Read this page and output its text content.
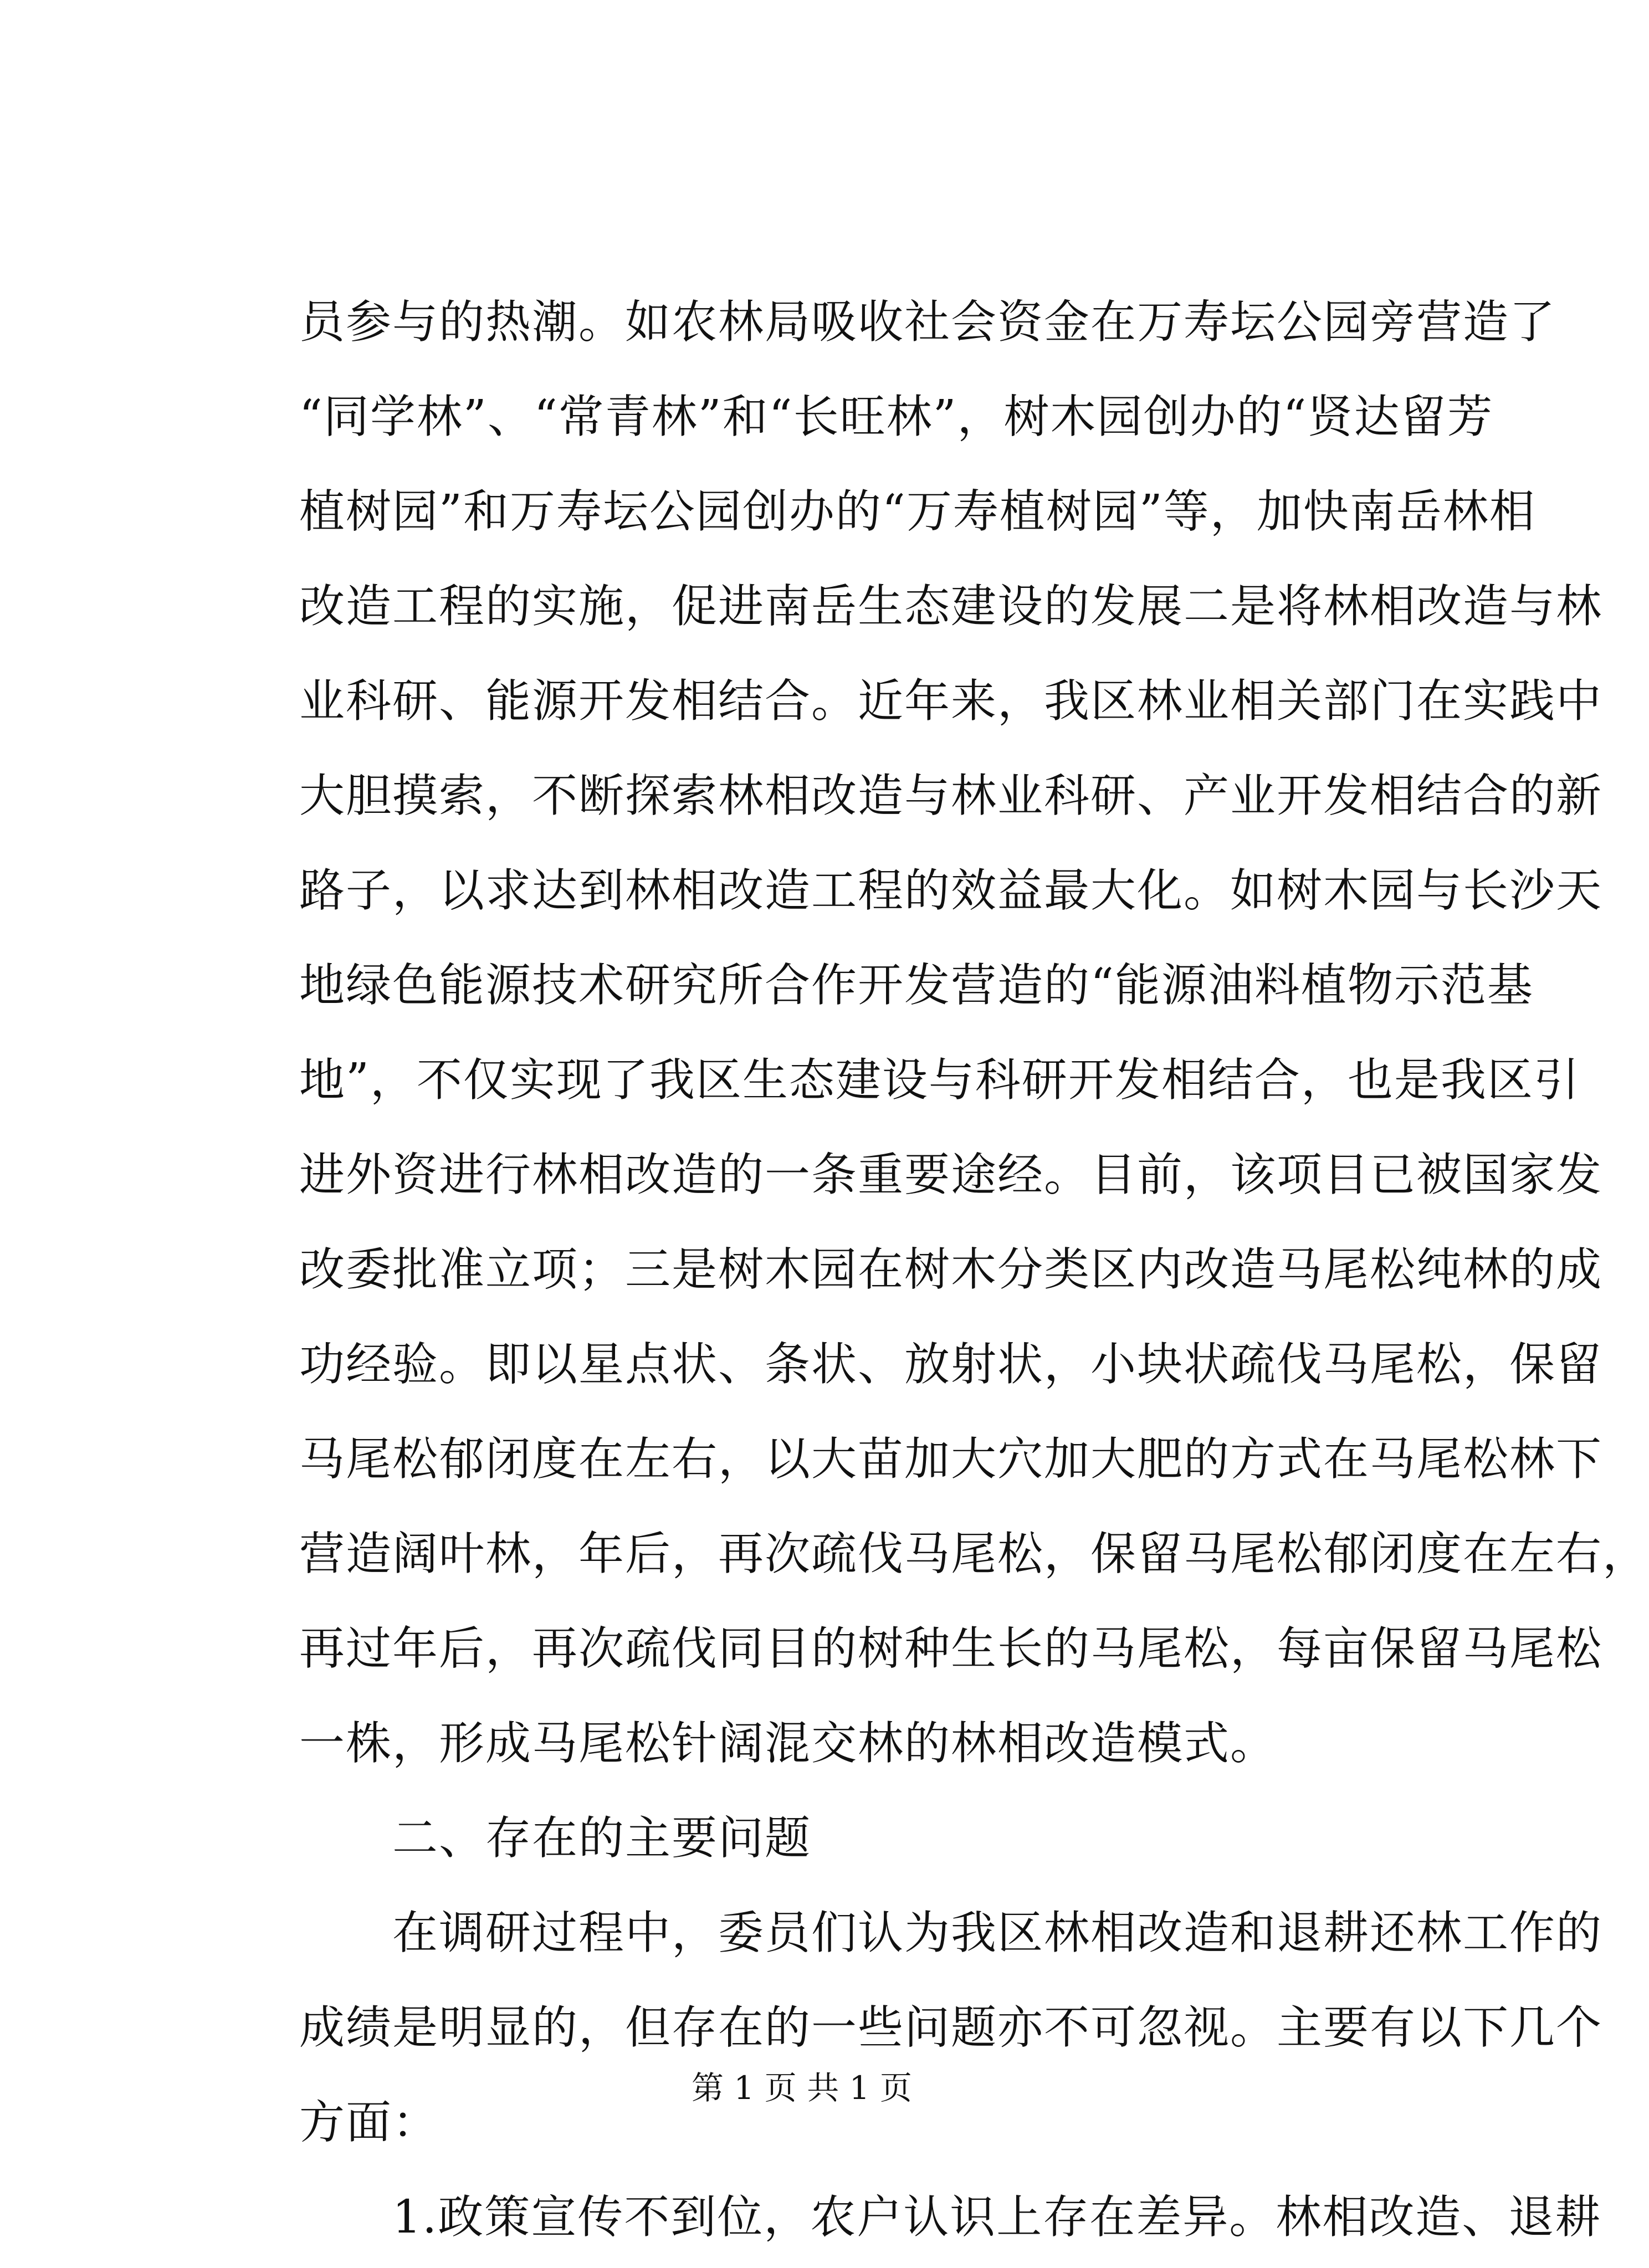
员参与的热潮。如农林局吸收社会资金在万寿坛公园旁营造了
“同学林”、“常青林”和“长旺林”，树木园创办的“贤达留芳
植树园”和万寿坛公园创办的“万寿植树园”等，加快南岳林相
改造工程的实施，促进南岳生态建设的发展二是将林相改造与林
业科研、能源开发相结合。近年来，我区林业相关部门在实践中
大胆摸索，不断探索林相改造与林业科研、产业开发相结合的新
路子，以求达到林相改造工程的效益最大化。如树木园与长沙天
地绿色能源技术研究所合作开发营造的“能源油料植物示范基
地”，不仅实现了我区生态建设与科研开发相结合，也是我区引
进外资进行林相改造的一条重要途经。目前，该项目已被国家发
改委批准立项；三是树木园在树木分类区内改造马尾松纯林的成
功经验。即以星点状、条状、放射状，小块状疏伐马尾松，保留
马尾松郁闭度在左右，以大苗加大穴加大肥的方式在马尾松林下
营造阔叶林，年后，再次疏伐马尾松，保留马尾松郁闭度在左右，
再过年后，再次疏伐同目的树种生长的马尾松，每亩保留马尾松
一株，形成马尾松针阔混交林的林相改造模式。
　　二、存在的主要问题
　　在调研过程中，委员们认为我区林相改造和退耕还林工作的
成绩是明显的，但存在的一些问题亦不可忽视。主要有以下几个
方面：
　　1.政策宣传不到位，农户认识上存在差异。林相改造、退耕
第 1 页 共 1 页
